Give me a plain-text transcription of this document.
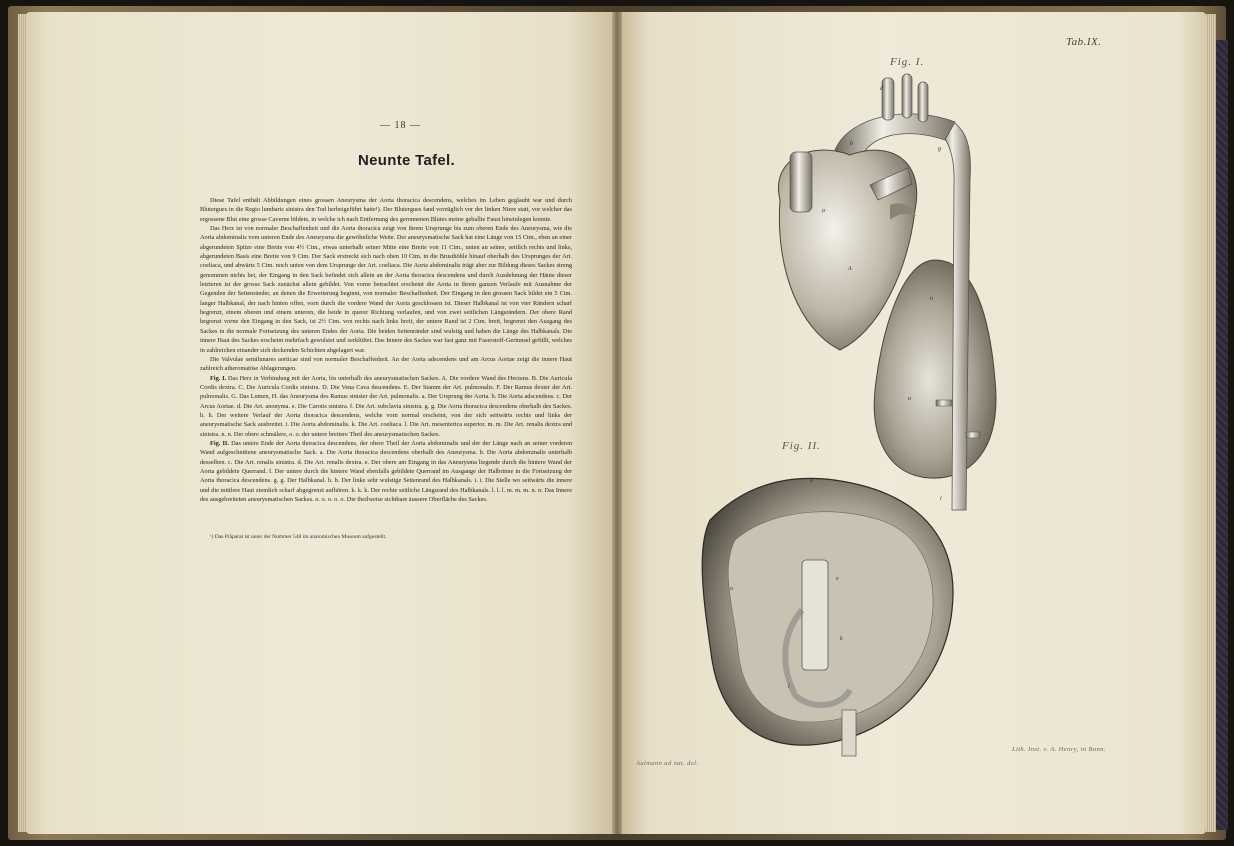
— 18 —
Neunte Tafel.

Diese Tafel enthält Abbildungen eines grossen Aneurysma der Aorta thoracica descendens, welches im Leben geglaubt war und durch Blutergues in die Regio lumbaris sinistra den Tod herbeigeführt hatte¹). Der Blutergues fand vorzüglich vor der linken Niere statt, vor welcher das ergossene Blut eine grosse Caverne bildete, in welche ich nach Entfernung des geronnenen Blutes meine geballte Faust hineinlegen konnte.

Das Herz ist von normaler Beschaffenheit und die Aorta thoracica zeigt von ihrem Ursprunge bis zum oberen Ende des Aneurysma, wie die Aorta abdominalis vom unteren Ende des Aneurysma die gewöhnliche Weite. Der aneurysmatische Sack hat eine Länge von 15 Ctm., eben an einer abgerundeten Spitze eine Breite von 4½ Ctm., etwas unterhalb seiner Mitte eine Breite von 11 Ctm., unten an seiner, seitlich rechts und links, abgerundeten Basis eine Breite von 9 Ctm. Der Sack erstreckt sich nach oben 10 Ctm. in die Brusthöhle hinauf oberhalb des Ursprunges der Art. coeliaca, und abwärts 5 Ctm. noch unten von dem Ursprunge der Art. coeliaca. Die Aorta abdominalis trägt aber zur Bildung dieses Sackes streng genommen nichts bei, der Eingang in den Sack befindet sich allein an der Aorta thoracica descendens und durch Ausdehnung der Häute dieser letzteren ist der grosse Sack zunächst allein gebildet. Von vorne betrachtet erscheint die Aorta in ihrem ganzen Verlaufe mit Ausnahme der Gegenden der Seitenränder, an denen die Erweiterung beginnt, von normaler Beschaffenheit. Der Eingang in den grossen Sack bildet ein 5 Ctm. langer Halbkanal, der nach hinten offen, vorn durch die vordere Wand der Aorta geschlossen ist. Dieser Halbkanal ist von vier Rändern scharf begrenzt, einem oberen und einem unteren, die beide in querer Richtung verlaufen, und von zwei seitlichen Längsrändern. Der obere Rand begrenzt vorne den Eingang in den Sack, ist 2½ Ctm. von rechts nach links breit, der untere Rand ist 2 Ctm. breit, begrenzt den Ausgang des Sackes in die normale Fortsetzung des unteren Endes der Aorta. Die beiden Seitenränder sind wulstig und haben die Länge des Halbkanals. Die innere Haut des Sackes erscheint mehrfach gewulstet und zerklüftet. Das Innere des Sackes war fast ganz mit Faserstoff-Gerinnsel gefüllt, welches in zahlreichen einander sich deckenden Schichten abgelagert war.

Die Valvulae semilunares aorticae sind von normaler Beschaffenheit. An der Aorta adscendens und am Arcus Aortae zeigt die innere Haut zahlreich atheromatöse Ablagerungen.

Fig. I. Das Herz in Verbindung mit der Aorta, bis unterhalb des aneurysmatischen Sackes. A. Die vordere Wand des Herzens. B. Die Auricula Cordis dextra. C. Die Auricula Cordis sinistra. D. Die Vena Cava descendens. E. Der Stamm der Art. pulmonalis. F. Der Ramus dexter der Art. pulmonalis. G. Das Lumen, H. das Aneurysma des Ramus sinister der Art. pulmonalis. a. Der Ursprung der Aorta. b. Die Aorta adscendens. c. Der Arcus Aortae. d. Die Art. anonyma. e. Die Carotis sinistra. f. Die Art. subclavia sinistra. g. g. Die Aorta thoracica descendens oberhalb des Sackes. h. h. Der weitere Verlauf der Aorta thoracica descendens, welche vorn normal erscheint, von der sich seitwärts rechts und links der aneurysmatische Sack ausbreitet. i. Die Aorta abdominalis. k. Die Art. coeliaca. l. Die Art. mesenterica superior. m. m. Die Art. renalis dextra und sinistra. n. n. Der obere schmälere, o. o. der untere breitere Theil des aneurysmatischen Sackes.

Fig. II. Das untere Ende der Aorta thoracica descendens, der obere Theil der Aorta abdominalis und der der Länge nach an seiner vorderen Wand aufgeschnittene aneurysmatische Sack. a. Die Aorta thoracica descendens oberhalb des Aneurysma. b. Die Aorta abdominalis unterhalb desselben. c. Die Art. renalis sinistra. d. Die Art. renalis dextra. e. Der obere am Eingang in das Aneurysma liegende durch die hintere Wand der Aorta gebildete Querrand. f. Der untere durch die hintere Wand ebenfalls gebildete Querrand im Ausgange der Halbrinne in die Fortsetzung der Aorta thoracica descendens. g. g. Der Halbkanal. h. h. Der linke sehr wulstige Seitenrand des Halbkanals. i. i. Die Stelle wo seitwärts die innere und die mittlere Haut ziemlich scharf abgegrenzt aufhören. k. k. k. Der rechte seitliche Längsrand des Halbkanals. l. l. l. m. m. m. n. n. Das Innere des ausgebreiteten aneurysmatischen Sackes. o. o. o. o. o. Die theilweise sichtbare äussere Oberfläche des Sackes.

¹) Das Präparat ist unter der Nummer 548 im anatomischen Museum aufgestellt.
Tab.IX.
Fig. I.
Fig. II.
Aulmann ad nat. del.
Lith. Inst. v. A. Henry, in Bonn.
d
g
b
a
A
n
o
i
a
e
k
l
o
